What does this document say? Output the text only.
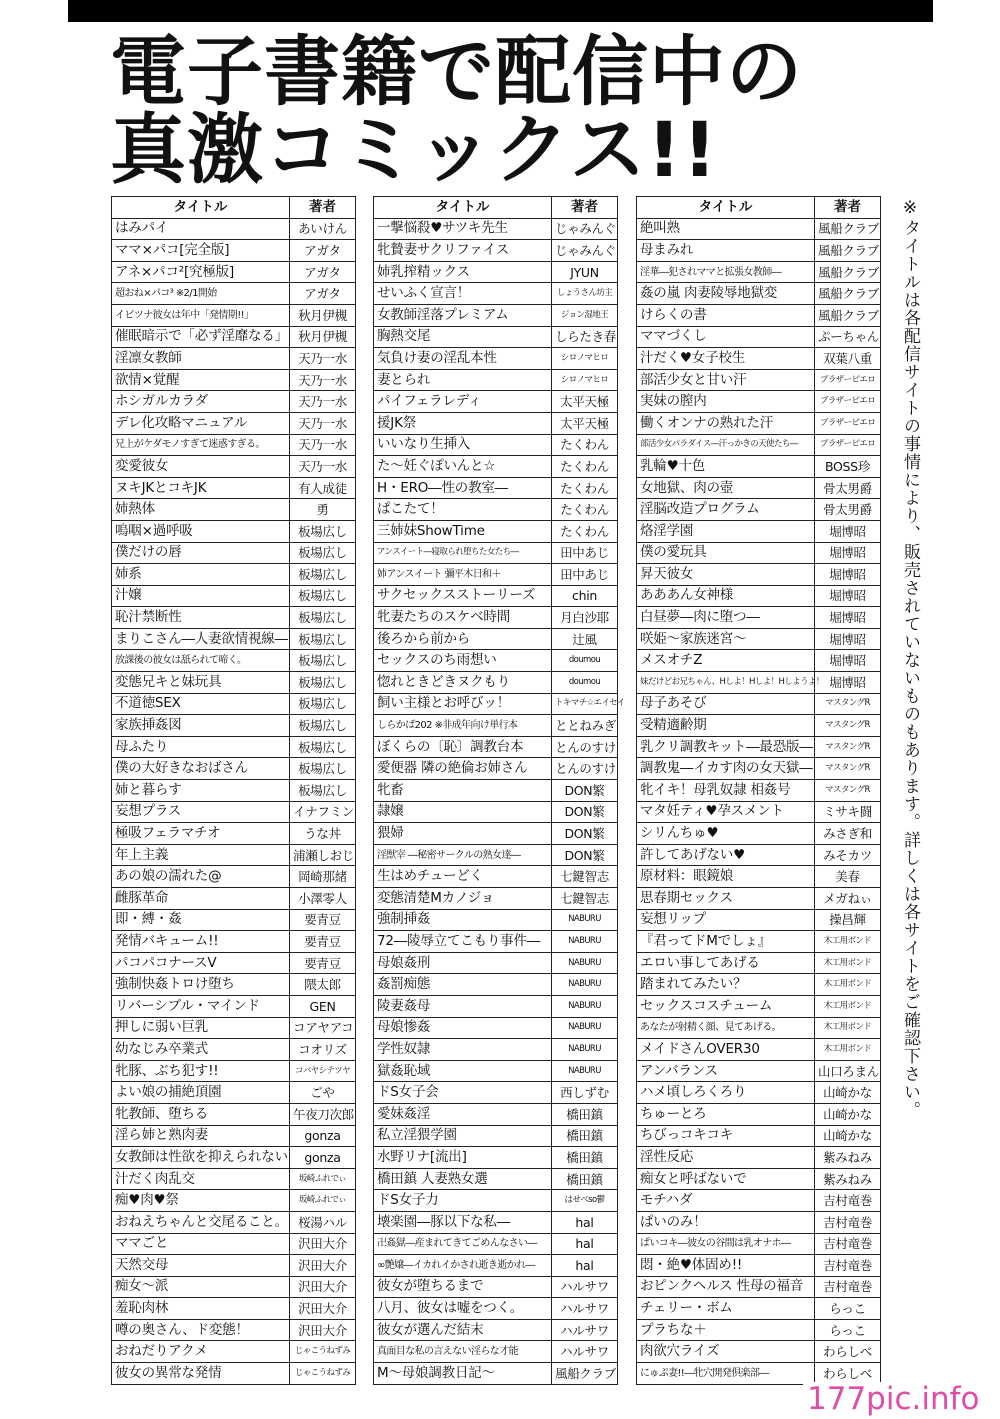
電子書籍で配信中の
真激コミックス!!
タイトル	著者
はみパイ	あいけん
ママ×パコ[完全版]	アガタ
アネ×パコ²[究極版]	アガタ
超おね×パコ³ ※2/1開始	アガタ
イビツナ彼女は年中「発情期!!」	秋月伊槻
催眠暗示で「必ず淫靡なる」	秋月伊槻
淫凛女教師	天乃一水
欲情×覚醒	天乃一水
ホシガルカラダ	天乃一水
デレ化攻略マニュアル	天乃一水
兄上がケダモノすぎて迷惑すぎる。	天乃一水
変愛彼女	天乃一水
ヌキJKとコキJK	有人成徒
姉熱体	勇
嗚咽×過呼吸	板場広し
僕だけの唇	板場広し
姉系	板場広し
汁嬢	板場広し
恥汁禁断性	板場広し
まりこさん―人妻欲情視線―	板場広し
放課後の彼女は舐られて啼く。	板場広し
変態兄キと妹玩具	板場広し
不道徳SEX	板場広し
家族挿姦図	板場広し
母ふたり	板場広し
僕の大好きなおばさん	板場広し
姉と暮らす	板場広し
妄想プラス	イナフミン
極吸フェラマチオ	うな丼
年上主義	浦瀬しおじ
あの娘の濡れた@	岡崎那緒
雌豚革命	小澤零人
即・縛・姦	要青豆
発情バキューム!!	要青豆
パコパコナースV	要青豆
強制快姦トロけ堕ち	隈太郎
リバーシブル・マインド	GEN
押しに弱い巨乳	コアヤアコ
幼なじみ卒業式	コオリズ
牝豚、ぶち犯す!!	コバヤシテツヤ
よい娘の捕絶頂園	ごや
牝教師、堕ちる	午夜刀次郎
淫ら姉と熟肉妻	gonza
女教師は性欲を抑えられない	gonza
汁だく肉乱交	坂崎ふれでぃ
痴♥肉♥祭	坂崎ふれでぃ
おねえちゃんと交尾ること。	桜湯ハル
ママごと	沢田大介
天然交母	沢田大介
痴女～派	沢田大介
羞恥肉林	沢田大介
噂の奥さん、ド変態！	沢田大介
おねだりアクメ	じゃこうねずみ
彼女の異常な発情	じゃこうねずみ
タイトル	著者
一撃悩殺♥サツキ先生	じゃみんぐ
牝贄妻サクリファイス	じゃみんぐ
姉乳搾精ックス	JYUN
せいふく宣言！	しょうさん坊主
女教師淫落プレミアム	ジョン湿地王
胸熱交尾	しらたき春
気負け妻の淫乱本性	シロノマヒロ
妻とられ	シロノマヒロ
パイフェラレディ	太平天極
援JK祭	太平天極
いいなり生挿入	たくわん
た～妊ぐぽいんと☆	たくわん
H・ERO―性の教室―	たくわん
ぱこたて！	たくわん
三姉妹ShowTime	たくわん
アンスイート―寝取られ堕ちた女たち―	田中あじ
姉アンスイート 彌平木日和＋	田中あじ
サクセックスストーリーズ	chin
牝妻たちのスケベ時間	月白沙耶
後ろから前から	辻風
セックスのち雨想い	doumou
惚れときどきヌクもり	doumou
飼い主様とお呼びッ！	トキマチ☆エイセイ
しらかば202 ※非成年向け単行本	ととねみぎ
ぼくらの〔恥〕調教台本	とんのすけ
愛便器 隣の絶倫お姉さん	とんのすけ
牝畜	DON繁
隷嬢	DON繁
猥婦	DON繁
淫獣宰 ―秘密サークルの熟女達―	DON繁
生はめチューどく	七鍵智志
変態清楚Mカノジョ	七鍵智志
強制挿姦	NABURU
72―陵辱立てこもり事件―	NABURU
母娘姦刑	NABURU
姦罰痴態	NABURU
陵妻姦母	NABURU
母娘惨姦	NABURU
学性奴隷	NABURU
獄姦恥域	NABURU
ドS女子会	西しずむ
愛妹姦淫	橋田鎮
私立淫猥学園	橋田鎮
水野リナ[流出]	橋田鎮
橋田鎮 人妻熟女選	橋田鎮
ドS女子力	はせべso鬱
壊楽園―豚以下な私―	hal
卍姦獄―産まれてきてごめんなさい―	hal
∞艶嬢―イカれイかされ逝き逝かれ―	hal
彼女が堕ちるまで	ハルサワ
八月、彼女は嘘をつく。	ハルサワ
彼女が選んだ結末	ハルサワ
真面目な私の言えない淫らな才能	ハルサワ
M～母娘調教日記～	風船クラブ
タイトル	著者
絶叫熟	風船クラブ
母まみれ	風船クラブ
淫華―犯されママと拡張女教師―	風船クラブ
姦の嵐 肉妻陵辱地獄変	風船クラブ
けらくの書	風船クラブ
ママづくし	ぷーちゃん
汁だく♥女子校生	双葉八重
部活少女と甘い汗	ブラザーピエロ
実妹の膣内	ブラザーピエロ
働くオンナの熟れた汗	ブラザーピエロ
部活少女パラダイス―汗っかきの天使たち―	ブラザーピエロ
乳輪♥十色	BOSS珍
女地獄、肉の壺	骨太男爵
淫脳改造プログラム	骨太男爵
烙淫学園	堀博昭
僕の愛玩具	堀博昭
昇天彼女	堀博昭
あああん女神様	堀博昭
白昼夢―肉に堕つ―	堀博昭
咲姫～家族迷宮～	堀博昭
メスオチZ	堀博昭
妹だけどお兄ちゃん、Hしよ！Hしよ！Hしようよ！	堀博昭
母子あそび	マスタングR
受精適齢期	マスタングR
乳クリ調教キット―最恐版―	マスタングR
調教鬼―イカす肉の女天獄―	マスタングR
牝イキ！母乳奴隷 相姦号	マスタングR
マタ妊ティ♥孕スメント	ミサキ闘
シリんちゅ♥	みさぎ和
許してあげない♥	みそカツ
原材料：眼鏡娘	美春
思春期セックス	メガねぃ
妄想リップ	操昌輝
『君ってドMでしょ』	木工用ボンド
エロい事してあげる	木工用ボンド
踏まれてみたい？	木工用ボンド
セックスコスチューム	木工用ボンド
あなたが射精く顔、見てあげる。	木工用ボンド
メイドさんOVER30	木工用ボンド
アンバランス	山口ろまん
ハメ頃しろくろり	山崎かな
ちゅーとろ	山崎かな
ちびっコキコキ	山崎かな
淫性反応	紫みねみ
痴女と呼ばないで	紫みねみ
モチハダ	吉村竜巻
ぱいのみ！	吉村竜巻
ぱいコキ―彼女の谷間は乳オナホ―	吉村竜巻
悶・絶♥体固め!!	吉村竜巻
おピンクヘルス 性母の福音	吉村竜巻
チェリー・ボム	らっこ
プラちな＋	らっこ
肉欲穴ライズ	わらしべ
にゅぷ妻!!―牝穴開発倶楽部―	わらしべ

※タイトルは各配信サイトの事情により、販売されていないものもあります。詳しくは各サイトをご確認下さい。

177pic.info
